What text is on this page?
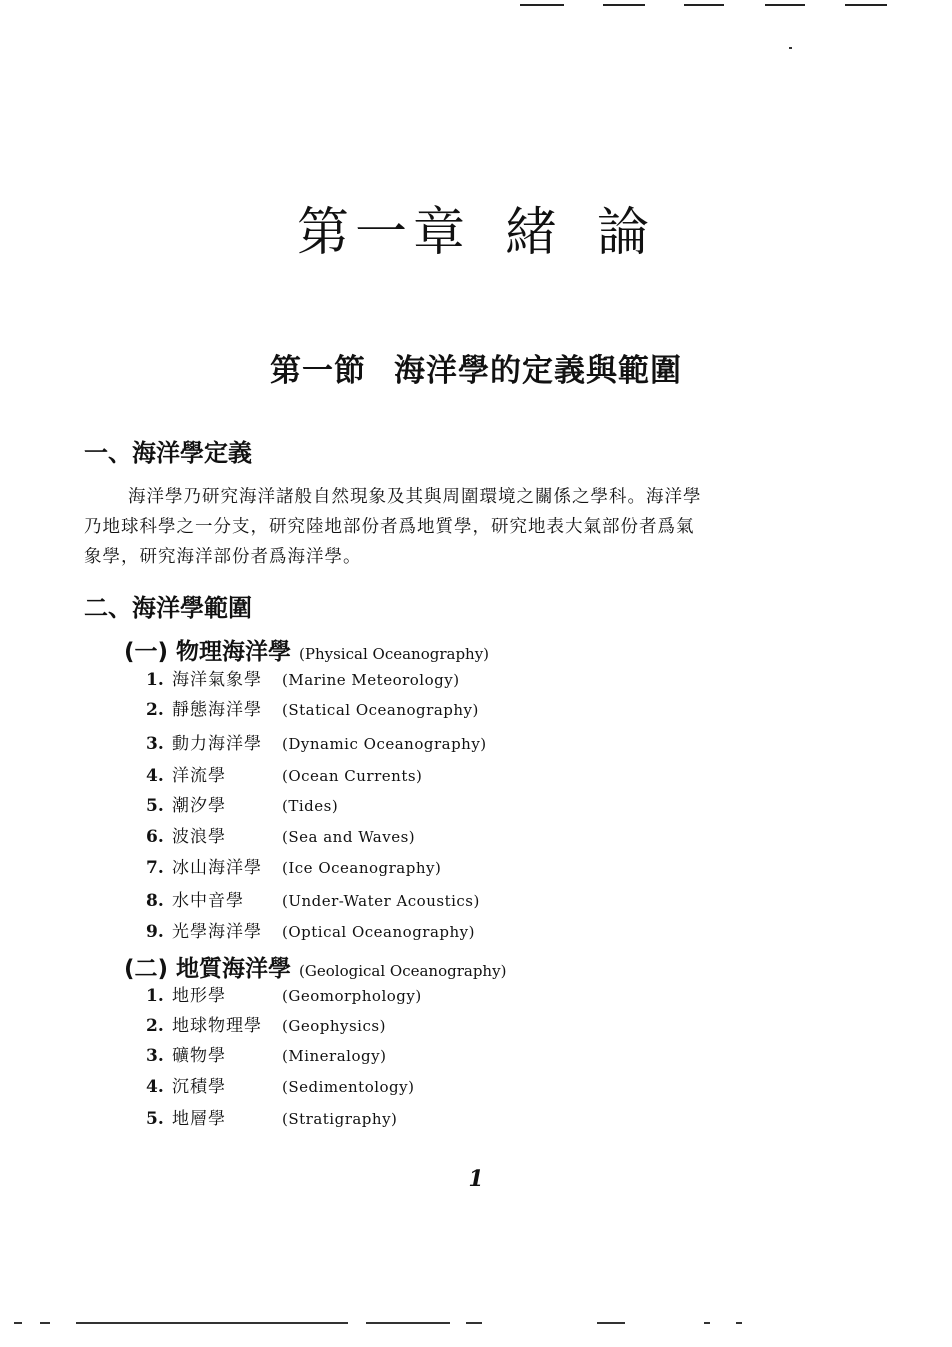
第一章 緒 論
第一節 海洋學的定義與範圍
一、海洋學定義
海洋學乃研究海洋諸般自然現象及其與周圍環境之關係之學科。海洋學
乃地球科學之一分支，研究陸地部份者爲地質學，研究地表大氣部份者爲氣
象學，研究海洋部份者爲海洋學。
二、海洋學範圍
(一) 物理海洋學 (Physical Oceanography)
1. 海洋氣象學 (Marine Meteorology)
2. 靜態海洋學 (Statical Oceanography)
3. 動力海洋學 (Dynamic Oceanography)
4. 洋流學	(Ocean Currents)
5. 潮汐學	(Tides)
6. 波浪學	(Sea and Waves)
7. 冰山海洋學 (Ice Oceanography)
8. 水中音學	(Under-Water Acoustics)
9. 光學海洋學 (Optical Oceanography)
(二) 地質海洋學 (Geological Oceanography)
1. 地形學	(Geomorphology)
2. 地球物理學 (Geophysics)
3. 礦物學	(Mineralogy)
4. 沉積學	(Sedimentology)
5. 地層學	(Stratigraphy)
1
